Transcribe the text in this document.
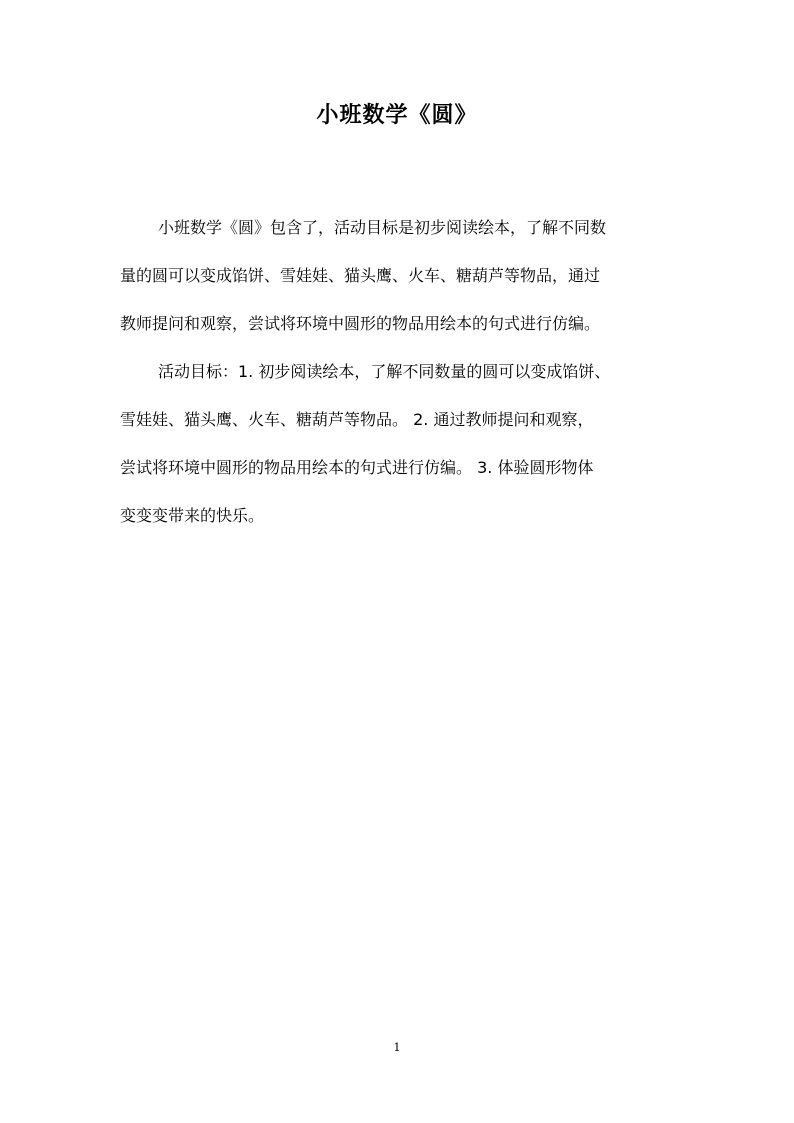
小班数学《圆》
小班数学《圆》包含了，活动目标是初步阅读绘本，了解不同数
量的圆可以变成馅饼、雪娃娃、猫头鹰、火车、糖葫芦等物品，通过
教师提问和观察，尝试将环境中圆形的物品用绘本的句式进行仿编。
活动目标：1. 初步阅读绘本，了解不同数量的圆可以变成馅饼、
雪娃娃、猫头鹰、火车、糖葫芦等物品。 2. 通过教师提问和观察，
尝试将环境中圆形的物品用绘本的句式进行仿编。 3. 体验圆形物体
变变变带来的快乐。
1
